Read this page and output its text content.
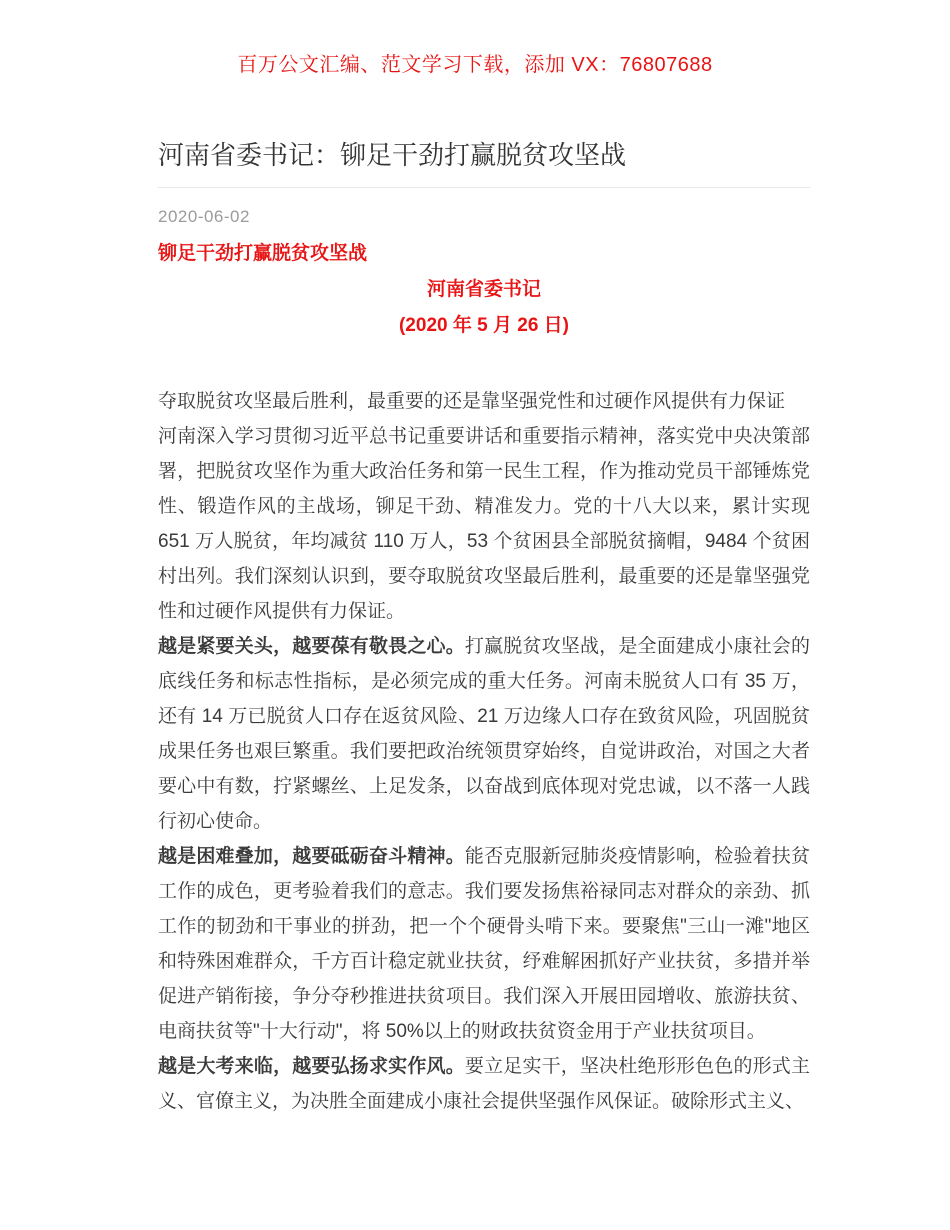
百万公文汇编、范文学习下载，添加 VX：76807688
河南省委书记：铆足干劲打赢脱贫攻坚战
2020-06-02
铆足干劲打赢脱贫攻坚战
河南省委书记
(2020 年 5 月 26 日)

夺取脱贫攻坚最后胜利，最重要的还是靠坚强党性和过硬作风提供有力保证

河南深入学习贯彻习近平总书记重要讲话和重要指示精神，落实党中央决策部署，把脱贫攻坚作为重大政治任务和第一民生工程，作为推动党员干部锤炼党性、锻造作风的主战场，铆足干劲、精准发力。党的十八大以来，累计实现 651 万人脱贫，年均减贫 110 万人，53 个贫困县全部脱贫摘帽，9484 个贫困村出列。我们深刻认识到，要夺取脱贫攻坚最后胜利，最重要的还是靠坚强党性和过硬作风提供有力保证。

越是紧要关头，越要葆有敬畏之心。打赢脱贫攻坚战，是全面建成小康社会的底线任务和标志性指标，是必须完成的重大任务。河南未脱贫人口有 35 万，还有 14 万已脱贫人口存在返贫风险、21 万边缘人口存在致贫风险，巩固脱贫成果任务也艰巨繁重。我们要把政治统领贯穿始终，自觉讲政治，对国之大者要心中有数，拧紧螺丝、上足发条，以奋战到底体现对党忠诚，以不落一人践行初心使命。

越是困难叠加，越要砥砺奋斗精神。能否克服新冠肺炎疫情影响，检验着扶贫工作的成色，更考验着我们的意志。我们要发扬焦裕禄同志对群众的亲劲、抓工作的韧劲和干事业的拼劲，把一个个硬骨头啃下来。要聚焦"三山一滩"地区和特殊困难群众，千方百计稳定就业扶贫，纾难解困抓好产业扶贫，多措并举促进产销衔接，争分夺秒推进扶贫项目。我们深入开展田园增收、旅游扶贫、电商扶贫等"十大行动"，将 50%以上的财政扶贫资金用于产业扶贫项目。

越是大考来临，越要弘扬求实作风。要立足实干，坚决杜绝形形色色的形式主义、官僚主义，为决胜全面建成小康社会提供坚强作风保证。破除形式主义、
